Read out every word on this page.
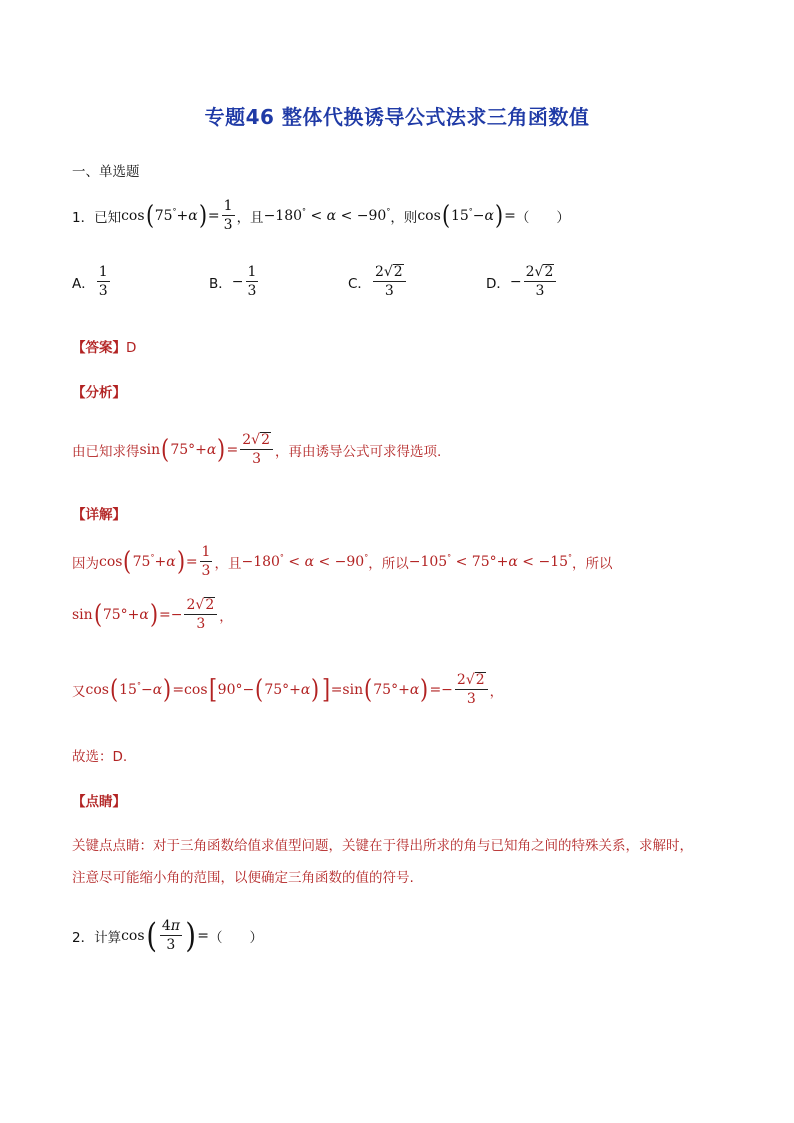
专题46 整体代换诱导公式法求三角函数值
一、单选题
1． 已知 $\cos(75^\circ+\alpha)= \frac{1}{3}$ ，且 −180° < α < −90° ，则 cos(15°−α)= （　　）
A． $\frac{1}{3}$	B． − $\frac{1}{3}$	C． $\frac{2√2}{3}$	D． − $\frac{2√2}{3}$
【答案】D
【分析】
由已知求得 $\sin(75^\circ+\alpha)= \frac{2√2}{3}$ ，再由诱导公式可求得选项.
【详解】
因为 $\cos(75^\circ+\alpha)= \frac{1}{3}$ ，且 −180° < α < −90° ，所以 −105° < 75°+α < −15° ，所以
$\sin(75^\circ+\alpha)=- \frac{2√2}{3}$ ，
又 $\cos(15^\circ-\alpha)=\cos[90^\circ-(75^\circ+\alpha)]=\sin(75^\circ+\alpha)=- \frac{2√2}{3}$ ，
故选：D.
【点睛】
关键点点睛：对于三角函数给值求值型问题，关键在于得出所求的角与已知角之间的特殊关系，求解时，
注意尽可能缩小角的范围，以便确定三角函数的值的符号.
2． 计算 $\cos( \frac{4\pi}{3}$ )= （　　）
